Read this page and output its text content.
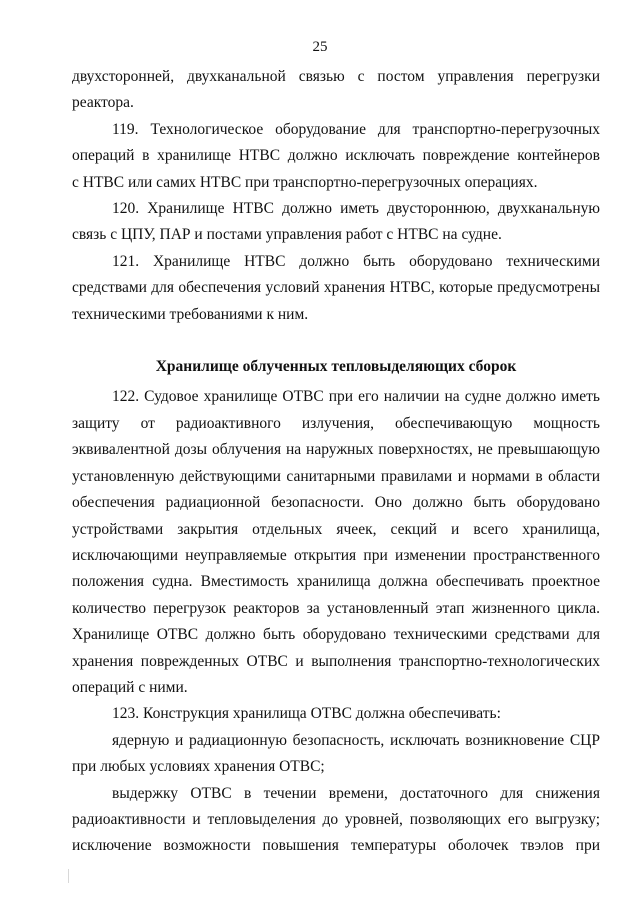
25
двухсторонней, двухканальной связью с постом управления перегрузки
реактора.
119. Технологическое оборудование для транспортно-перегрузочных
операций в хранилище НТВС должно исключать повреждение контейнеров
с НТВС или самих НТВС при транспортно-перегрузочных операциях.
120. Хранилище НТВС должно иметь двустороннюю, двухканальную
связь с ЦПУ, ПАР и постами управления работ с НТВС на судне.
121. Хранилище НТВС должно быть оборудовано техническими
средствами для обеспечения условий хранения НТВС, которые предусмотрены
техническими требованиями к ним.
Хранилище облученных тепловыделяющих сборок
122. Судовое хранилище ОТВС при его наличии на судне должно иметь
защиту от радиоактивного излучения, обеспечивающую мощность
эквивалентной дозы облучения на наружных поверхностях, не превышающую
установленную действующими санитарными правилами и нормами в области
обеспечения радиационной безопасности. Оно должно быть оборудовано
устройствами закрытия отдельных ячеек, секций и всего хранилища,
исключающими неуправляемые открытия при изменении пространственного
положения судна. Вместимость хранилища должна обеспечивать проектное
количество перегрузок реакторов за установленный этап жизненного цикла.
Хранилище ОТВС должно быть оборудовано техническими средствами для
хранения поврежденных ОТВС и выполнения транспортно-технологических
операций с ними.
123. Конструкция хранилища ОТВС должна обеспечивать:
ядерную и радиационную безопасность, исключать возникновение СЦР
при любых условиях хранения ОТВС;
выдержку ОТВС в течении времени, достаточного для снижения
радиоактивности и тепловыделения до уровней, позволяющих его выгрузку;
исключение возможности повышения температуры оболочек твэлов при
